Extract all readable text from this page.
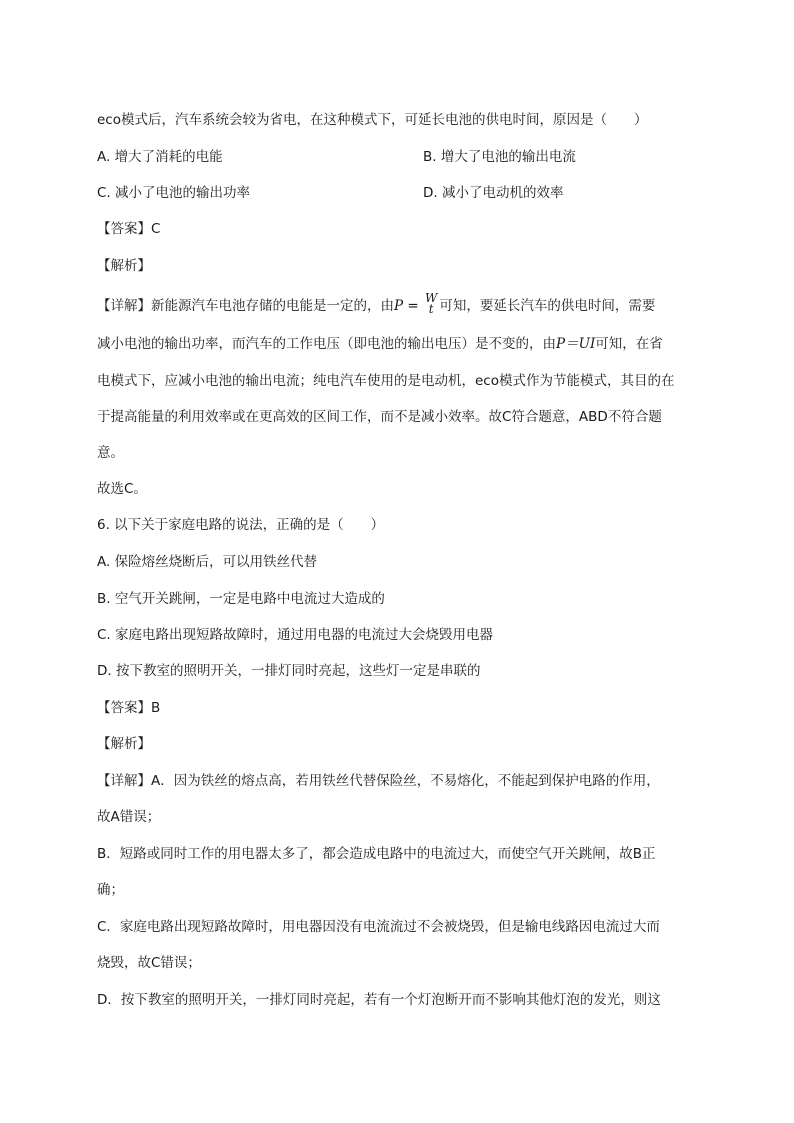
eco模式后，汽车系统会较为省电，在这种模式下，可延长电池的供电时间，原因是（　　）
A. 增大了消耗的电能	B. 增大了电池的输出电流
C. 减小了电池的输出功率	D. 减小了电动机的效率
【答案】C
【解析】
【详解】新能源汽车电池存储的电能是一定的，由P = W
t 可知，要延长汽车的供电时间，需要
减小电池的输出功率，而汽车的工作电压（即电池的输出电压）是不变的，由P＝UI可知，在省
电模式下，应减小电池的输出电流；纯电汽车使用的是电动机，eco模式作为节能模式，其目的在
于提高能量的利用效率或在更高效的区间工作，而不是减小效率。故C符合题意，ABD不符合题
意。
故选C。
6. 以下关于家庭电路的说法，正确的是（　　）
A. 保险熔丝烧断后，可以用铁丝代替
B. 空气开关跳闸，一定是电路中电流过大造成的
C. 家庭电路出现短路故障时，通过用电器的电流过大会烧毁用电器
D. 按下教室的照明开关，一排灯同时亮起，这些灯一定是串联的
【答案】B
【解析】
【详解】A．因为铁丝的熔点高，若用铁丝代替保险丝，不易熔化，不能起到保护电路的作用，
故A错误；
B．短路或同时工作的用电器太多了，都会造成电路中的电流过大，而使空气开关跳闸，故B正
确；
C．家庭电路出现短路故障时，用电器因没有电流流过不会被烧毁，但是输电线路因电流过大而
烧毁，故C错误；
D．按下教室的照明开关，一排灯同时亮起，若有一个灯泡断开而不影响其他灯泡的发光，则这
